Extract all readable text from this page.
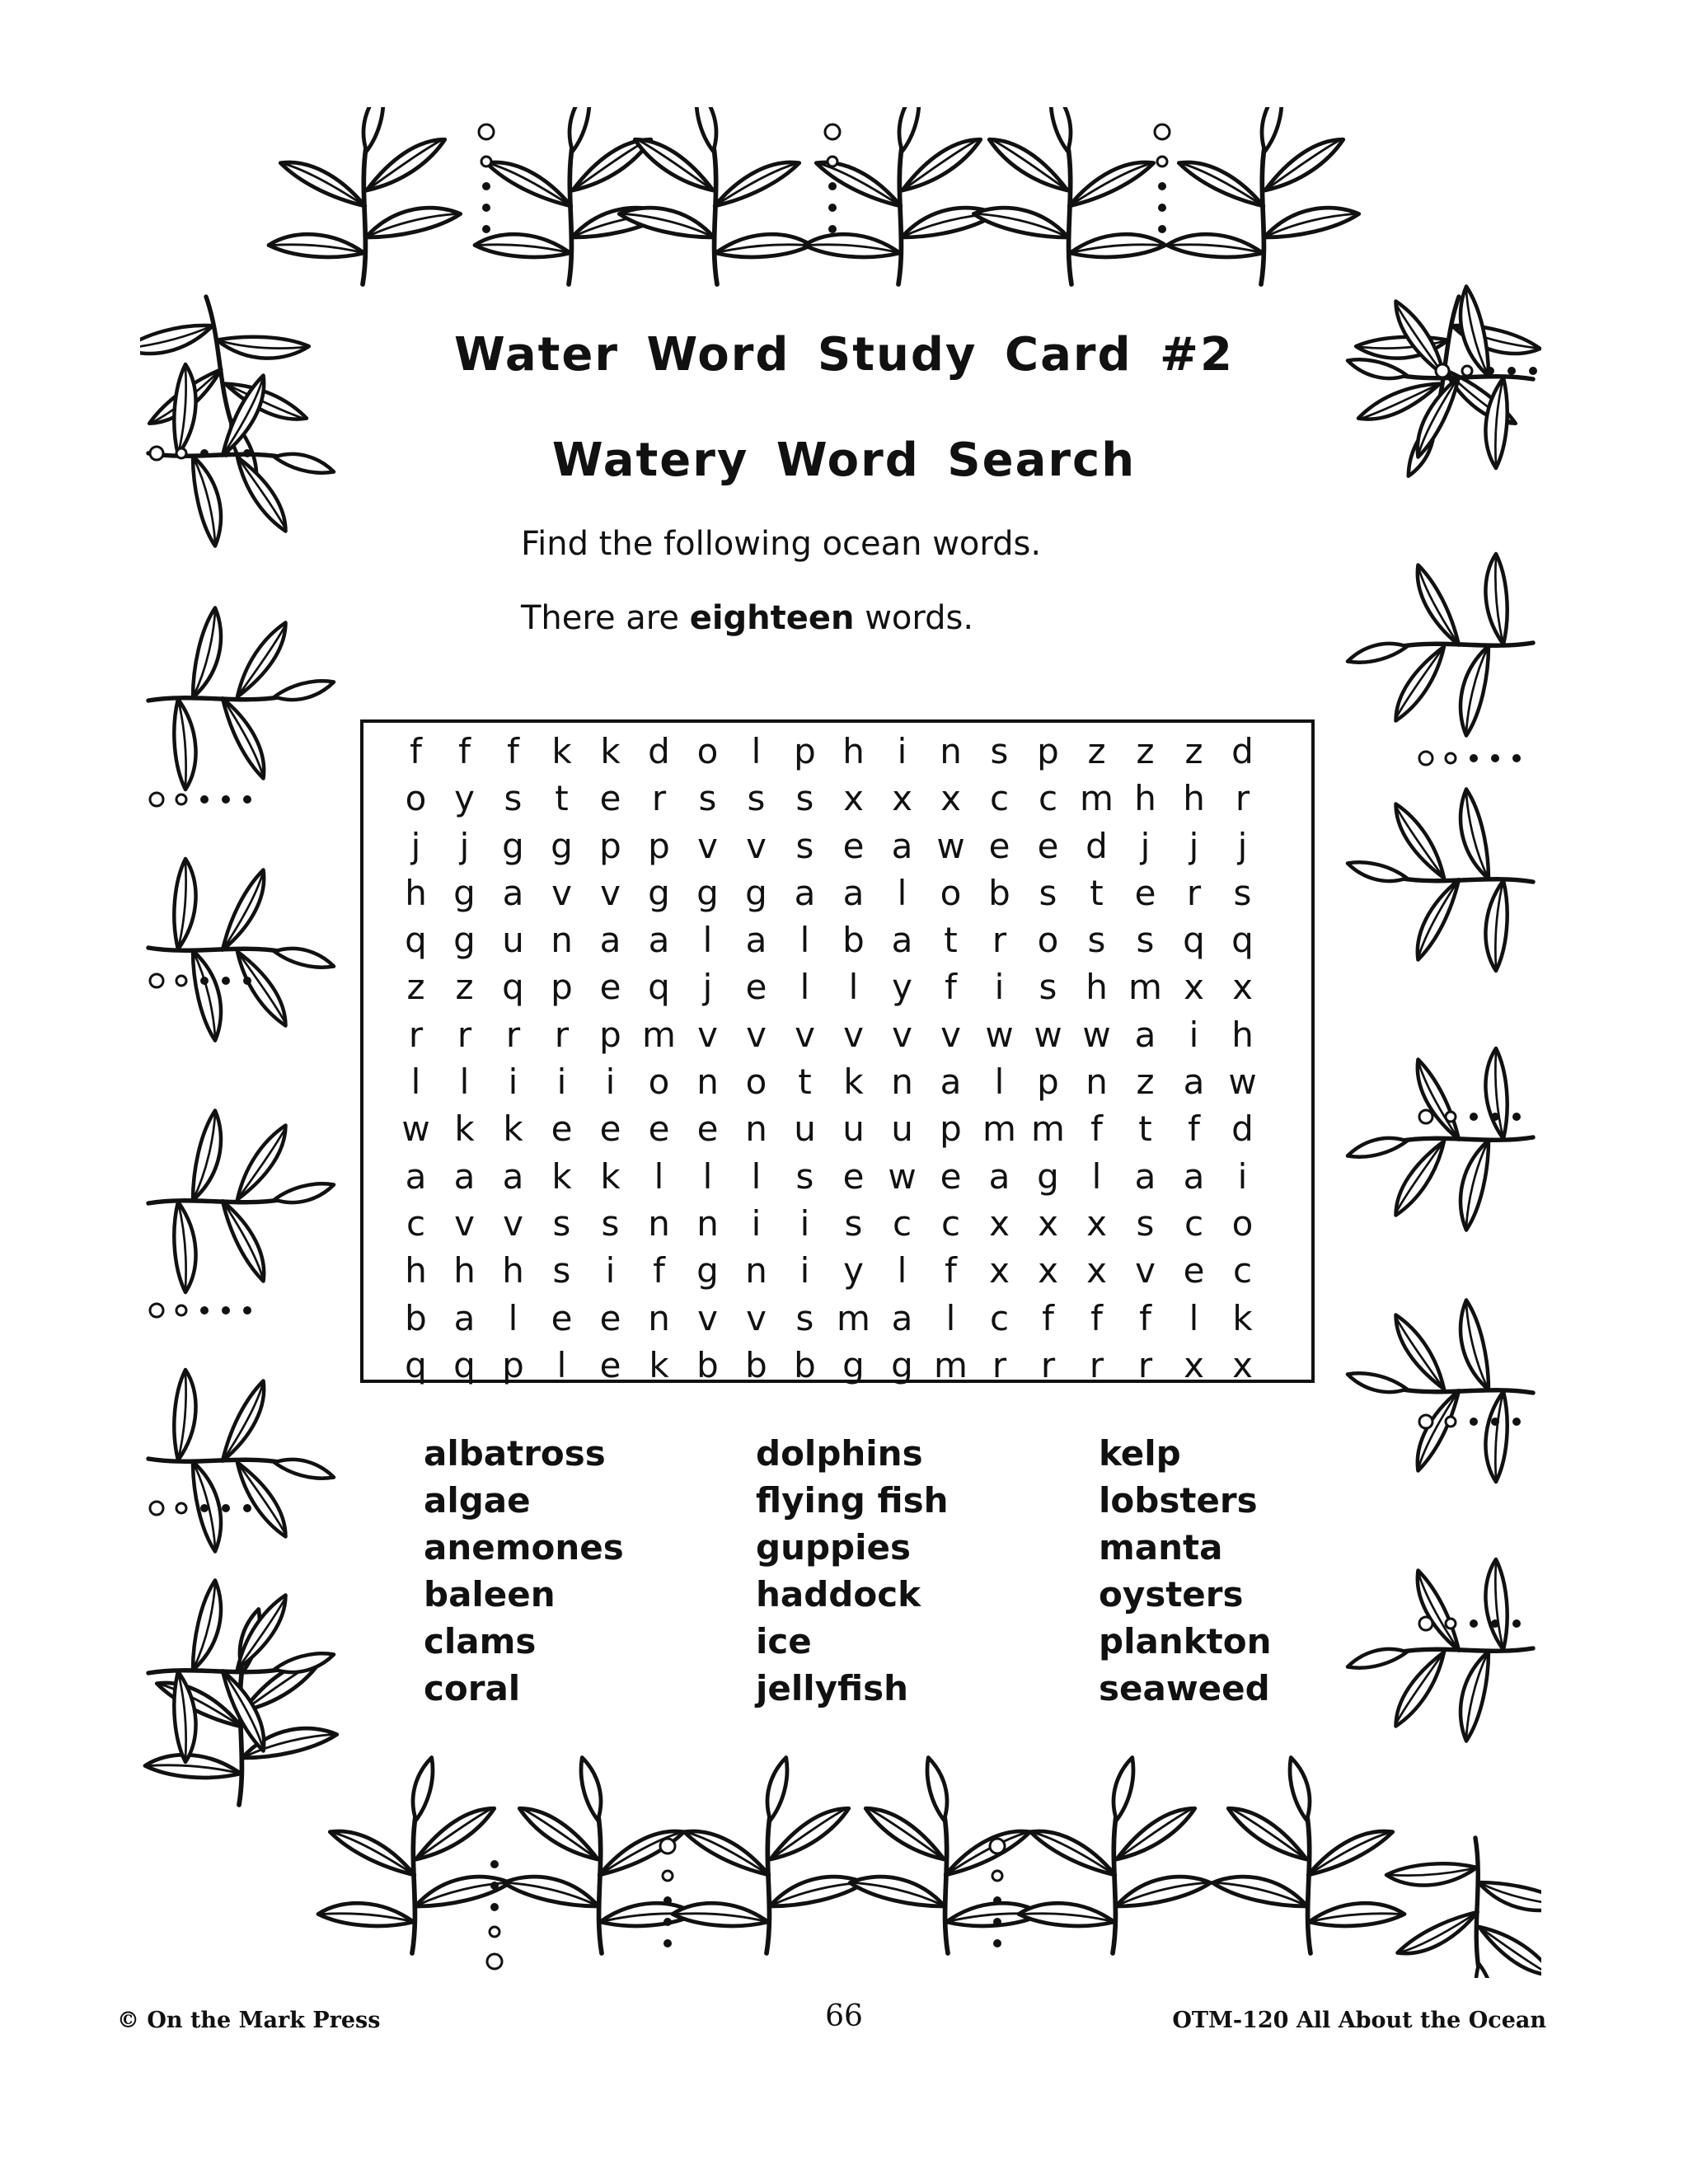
Water Word Study Card #2
Watery Word Search
Find the following ocean words.
There are eighteen words.
f	f	f k k d o l p h i n s p z z z d
o y s t e r s s s x x x c c m h h r
j	j g g p p v v s e a w e e d j	j	j
h g a v v g g g a a l o b s t e r s
q g u n a a l a l b a t	r o s s q q
z z q p e q j e l	l y f	i	s h m x x
r r r r p m v v v v v v w w w a i h
l	l	i	i	i o n o t k n a l p n z a w
w k k e e e e n u u u p m m f	t	f d
a a a k k l	l	l	s e w e a g l a a i
c v v s s n n i	i	s c c x x x s c o
h h h s	i	f g n i y l	f x x x v e c
b a l e e n v v s m a l c f	f	f	l k
q q p l e k b b b g g m r r r r x x
albatross
algae
anemones
baleen
clams
coral
dolphins
flying fish
guppies
haddock
ice
jellyfish
kelp
lobsters
manta
oysters
plankton
seaweed
© On the Mark Press	66	OTM-120 All About the Ocean
